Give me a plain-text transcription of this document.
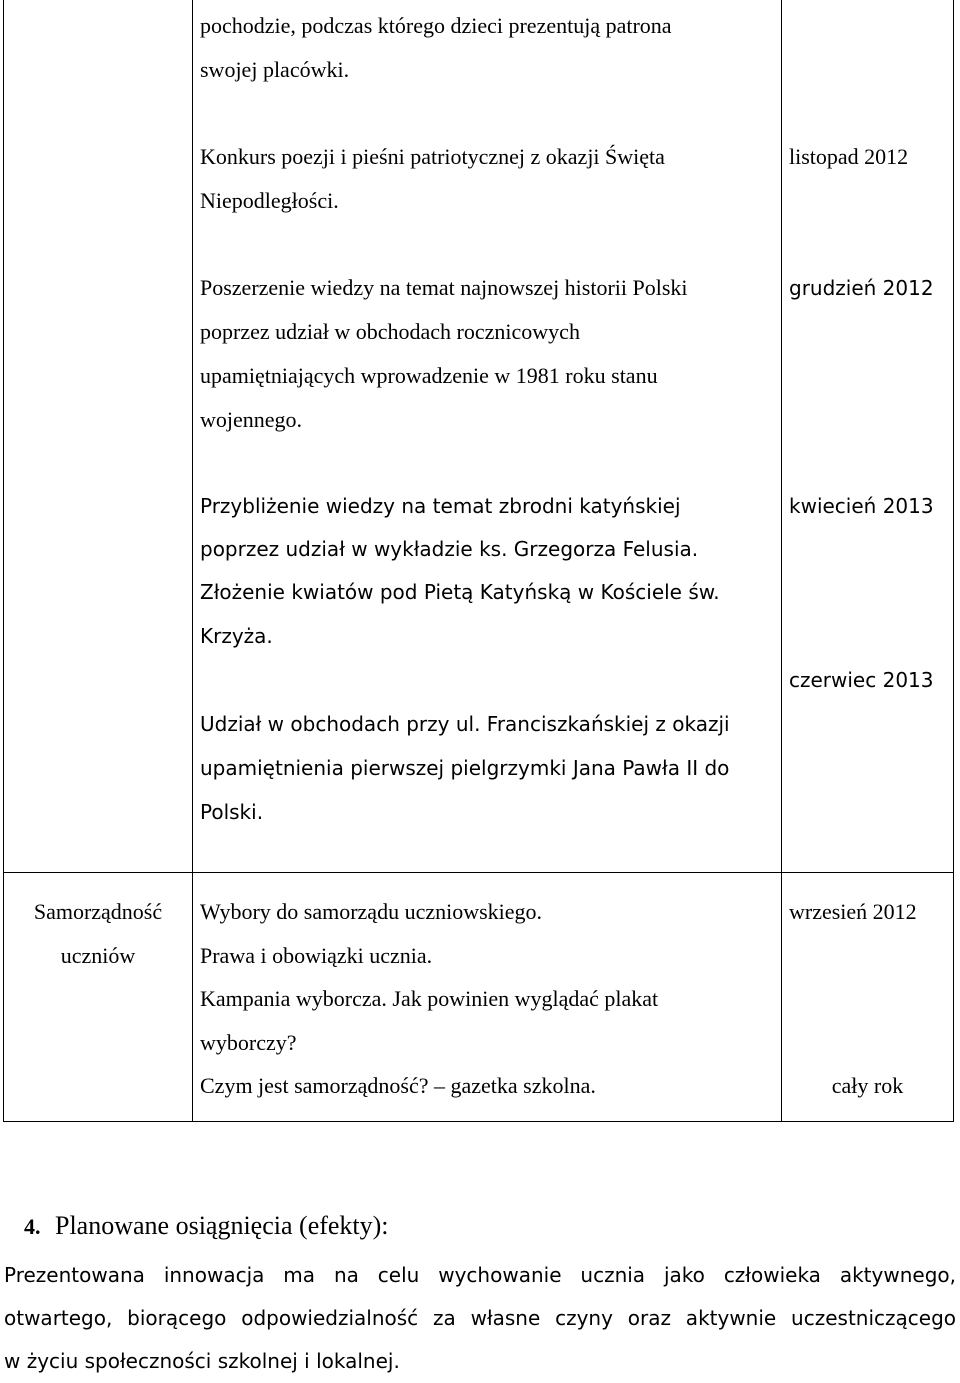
pochodzie, podczas którego dzieci prezentują patrona
swojej placówki.
Konkurs poezji i pieśni patriotycznej z okazji Święta
Niepodległości.
listopad 2012
Poszerzenie wiedzy na temat najnowszej historii Polski
poprzez udział w obchodach rocznicowych
upamiętniających wprowadzenie w 1981 roku stanu
wojennego.
grudzień 2012
Przybliżenie wiedzy na temat zbrodni katyńskiej
poprzez udział w wykładzie ks. Grzegorza Felusia.
Złożenie kwiatów pod Pietą Katyńską w Kościele św.
Krzyża.
kwiecień 2013
Udział w obchodach przy ul. Franciszkańskiej z okazji
upamiętnienia pierwszej pielgrzymki Jana Pawła II do
Polski.
czerwiec 2013
Samorządność
uczniów
Wybory do samorządu uczniowskiego.
Prawa i obowiązki ucznia.
Kampania wyborcza. Jak powinien wyglądać plakat
wyborczy?
Czym jest samorządność? – gazetka szkolna.
wrzesień 2012
cały rok
4. Planowane osiągnięcia (efekty):
Prezentowana innowacja ma na celu wychowanie ucznia jako człowieka aktywnego,
otwartego, biorącego odpowiedzialność za własne czyny oraz aktywnie uczestniczącego
w życiu społeczności szkolnej i lokalnej.
